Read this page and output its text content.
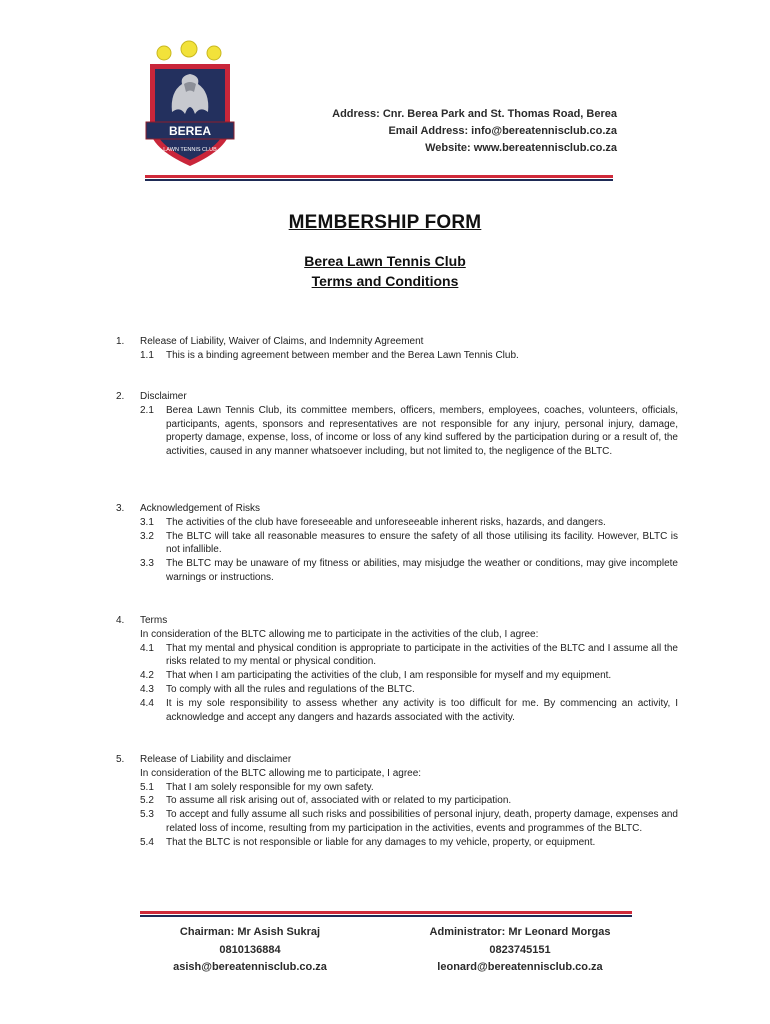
BEREA
LAWN TENNIS CLUB
Address: Cnr. Berea Park and St. Thomas Road, Berea
Email Address: info@bereatennisclub.co.za
Website: www.bereatennisclub.co.za
MEMBERSHIP FORM
Berea Lawn Tennis Club
Terms and Conditions
1. Release of Liability, Waiver of Claims, and Indemnity Agreement
1.1 This is a binding agreement between member and the Berea Lawn Tennis Club.
2. Disclaimer
2.1 Berea Lawn Tennis Club, its committee members, officers, members, employees, coaches, volunteers, officials, participants, agents, sponsors and representatives are not responsible for any injury, personal injury, damage, property damage, expense, loss, of income or loss of any kind suffered by the participation during or a result of, the activities, caused in any manner whatsoever including, but not limited to, the negligence of the BLTC.
3. Acknowledgement of Risks
3.1 The activities of the club have foreseeable and unforeseeable inherent risks, hazards, and dangers.
3.2 The BLTC will take all reasonable measures to ensure the safety of all those utilising its facility. However, BLTC is not infallible.
3.3 The BLTC may be unaware of my fitness or abilities, may misjudge the weather or conditions, may give incomplete warnings or instructions.
4. Terms
In consideration of the BLTC allowing me to participate in the activities of the club, I agree:
4.1 That my mental and physical condition is appropriate to participate in the activities of the BLTC and I assume all the risks related to my mental or physical condition.
4.2 That when I am participating the activities of the club, I am responsible for myself and my equipment.
4.3 To comply with all the rules and regulations of the BLTC.
4.4 It is my sole responsibility to assess whether any activity is too difficult for me. By commencing an activity, I acknowledge and accept any dangers and hazards associated with the activity.
5. Release of Liability and disclaimer
In consideration of the BLTC allowing me to participate, I agree:
5.1 That I am solely responsible for my own safety.
5.2 To assume all risk arising out of, associated with or related to my participation.
5.3 To accept and fully assume all such risks and possibilities of personal injury, death, property damage, expenses and related loss of income, resulting from my participation in the activities, events and programmes of the BLTC.
5.4 That the BLTC is not responsible or liable for any damages to my vehicle, property, or equipment.
Chairman: Mr Asish Sukraj
0810136884
asish@bereatennisclub.co.za
Administrator: Mr Leonard Morgas
0823745151
leonard@bereatennisclub.co.za
